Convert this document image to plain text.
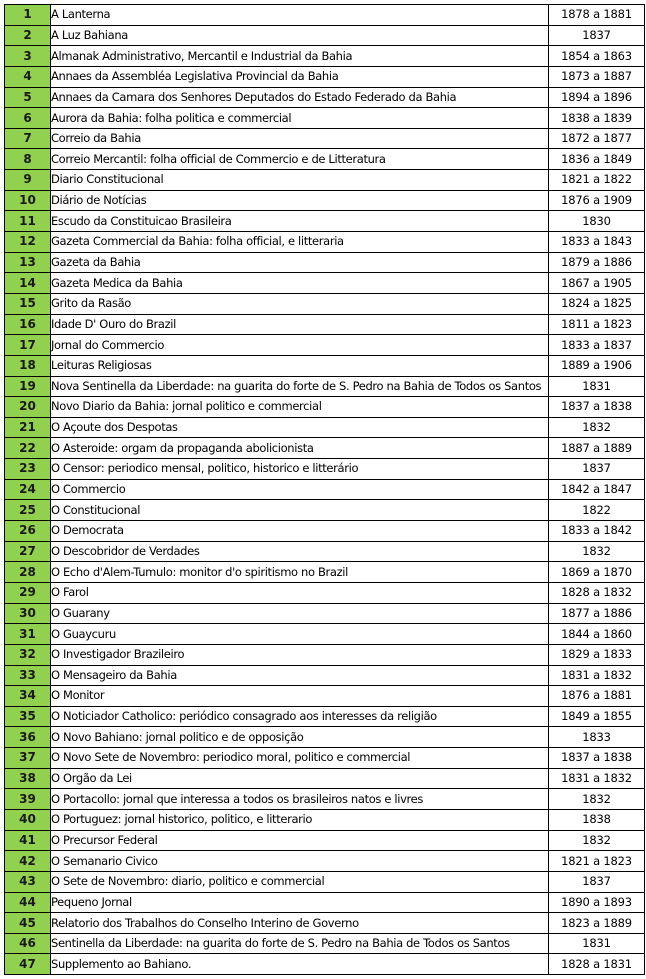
1	A Lanterna	1878 a 1881
2	A Luz Bahiana	1837
3	Almanak Administrativo, Mercantil e Industrial da Bahia	1854 a 1863
4	Annaes da Assembléa Legislativa Provincial da Bahia	1873 a 1887
5	Annaes da Camara dos Senhores Deputados do Estado Federado da Bahia	1894 a 1896
6	Aurora da Bahia: folha politica e commercial	1838 a 1839
7	Correio da Bahia	1872 a 1877
8	Correio Mercantil: folha official de Commercio e de Litteratura	1836 a 1849
9	Diario Constitucional	1821 a 1822
10	Diário de Notícias	1876 a 1909
11	Escudo da Constituicao Brasileira	1830
12	Gazeta Commercial da Bahia: folha official, e litteraria	1833 a 1843
13	Gazeta da Bahia	1879 a 1886
14	Gazeta Medica da Bahia	1867 a 1905
15	Grito da Rasão	1824 a 1825
16	Idade D' Ouro do Brazil	1811 a 1823
17	Jornal do Commercio	1833 a 1837
18	Leituras Religiosas	1889 a 1906
19	Nova Sentinella da Liberdade: na guarita do forte de S. Pedro na Bahia de Todos os Santos	1831
20	Novo Diario da Bahia: jornal politico e commercial	1837 a 1838
21	O Açoute dos Despotas	1832
22	O Asteroide: orgam da propaganda abolicionista	1887 a 1889
23	O Censor: periodico mensal, politico, historico e litterário	1837
24	O Commercio	1842 a 1847
25	O Constitucional	1822
26	O Democrata	1833 a 1842
27	O Descobridor de Verdades	1832
28	O Echo d'Alem-Tumulo: monitor d'o spiritismo no Brazil	1869 a 1870
29	O Farol	1828 a 1832
30	O Guarany	1877 a 1886
31	O Guaycuru	1844 a 1860
32	O Investigador Brazileiro	1829 a 1833
33	O Mensageiro da Bahia	1831 a 1832
34	O Monitor	1876 a 1881
35	O Noticiador Catholico: periódico consagrado aos interesses da religião	1849 a 1855
36	O Novo Bahiano: jornal politico e de opposição	1833
37	O Novo Sete de Novembro: periodico moral, politico e commercial	1837 a 1838
38	O Orgão da Lei	1831 a 1832
39	O Portacollo: jornal que interessa a todos os brasileiros natos e livres	1832
40	O Portuguez: jornal historico, politico, e litterario	1838
41	O Precursor Federal	1832
42	O Semanario Civico	1821 a 1823
43	O Sete de Novembro: diario, politico e commercial	1837
44	Pequeno Jornal	1890 a 1893
45	Relatorio dos Trabalhos do Conselho Interino de Governo	1823 a 1889
46	Sentinella da Liberdade: na guarita do forte de S. Pedro na Bahia de Todos os Santos	1831
47	Supplemento ao Bahiano.	1828 a 1831
